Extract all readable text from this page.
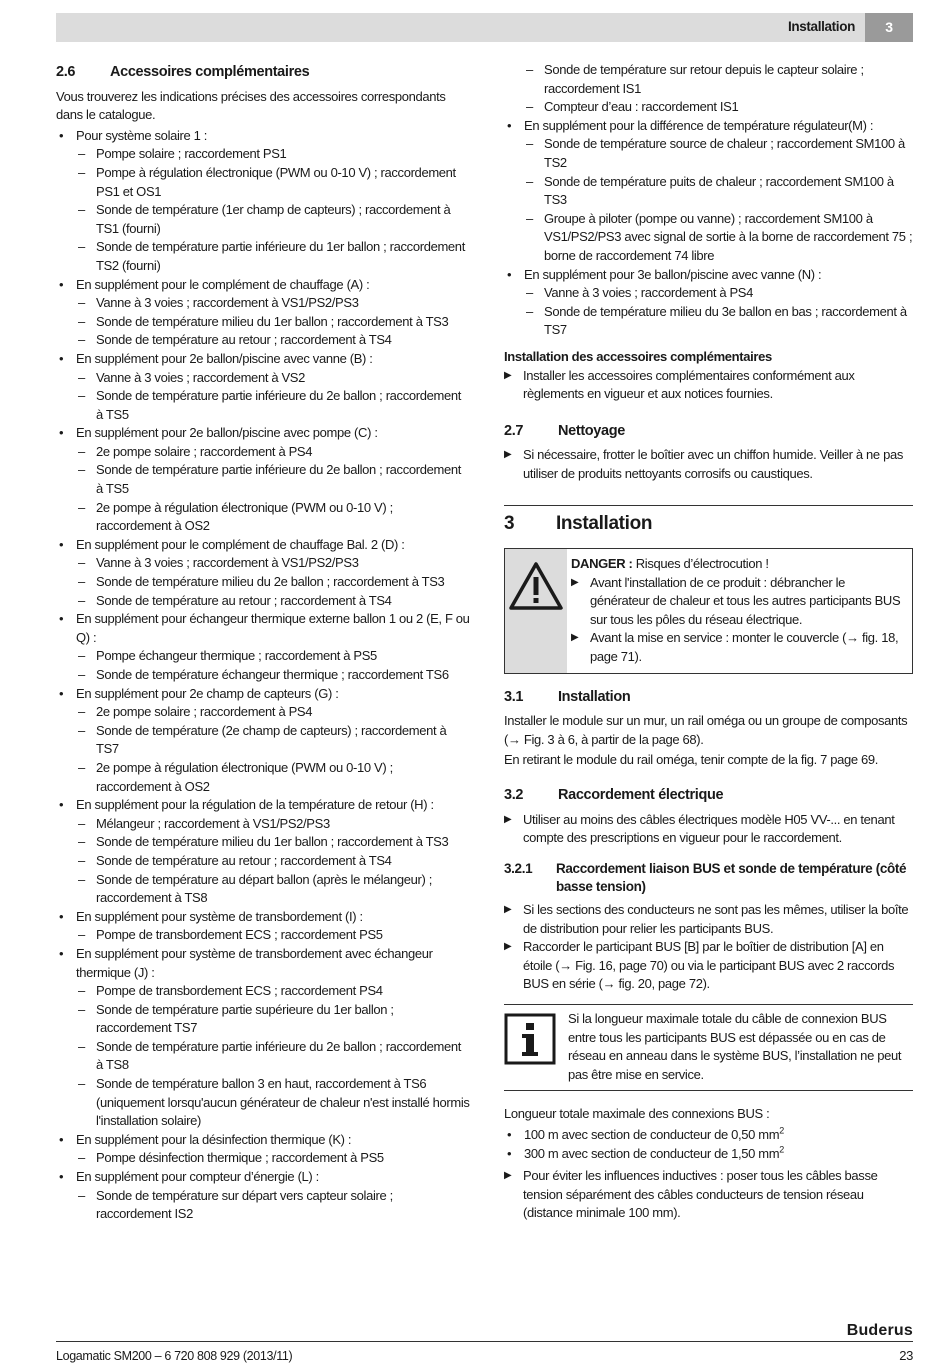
Installation	3
2.6	Accessoires complémentaires
Vous trouverez les indications précises des accessoires correspondants dans le catalogue.
• Pour système solaire 1 :
– Pompe solaire ; raccordement PS1
– Pompe à régulation électronique (PWM ou 0-10 V) ; raccordement PS1 et OS1
– Sonde de température (1er champ de capteurs) ; raccordement à TS1 (fourni)
– Sonde de température partie inférieure du 1er ballon ; raccordement TS2 (fourni)
• En supplément pour le complément de chauffage (A) :
– Vanne à 3 voies ; raccordement à VS1/PS2/PS3
– Sonde de température milieu du 1er ballon ; raccordement à TS3
– Sonde de température au retour ; raccordement à TS4
• En supplément pour 2e ballon/piscine avec vanne (B) :
– Vanne à 3 voies ; raccordement à VS2
– Sonde de température partie inférieure du 2e ballon ; raccordement à TS5
• En supplément pour 2e ballon/piscine avec pompe (C) :
– 2e pompe solaire ; raccordement à PS4
– Sonde de température partie inférieure du 2e ballon ; raccordement à TS5
– 2e pompe à régulation électronique (PWM ou 0-10 V) ; raccordement à OS2
• En supplément pour le complément de chauffage Bal. 2 (D) :
– Vanne à 3 voies ; raccordement à VS1/PS2/PS3
– Sonde de température milieu du 2e ballon ; raccordement à TS3
– Sonde de température au retour ; raccordement à TS4
• En supplément pour échangeur thermique externe ballon 1 ou 2 (E, F ou Q) :
– Pompe échangeur thermique ; raccordement à PS5
– Sonde de température échangeur thermique ; raccordement TS6
• En supplément pour 2e champ de capteurs (G) :
– 2e pompe solaire ; raccordement à PS4
– Sonde de température (2e champ de capteurs) ; raccordement à TS7
– 2e pompe à régulation électronique (PWM ou 0-10 V) ; raccordement à OS2
• En supplément pour la régulation de la température de retour (H) :
– Mélangeur ; raccordement à VS1/PS2/PS3
– Sonde de température milieu du 1er ballon ; raccordement à TS3
– Sonde de température au retour ; raccordement à TS4
– Sonde de température au départ ballon (après le mélangeur) ; raccordement à TS8
• En supplément pour système de transbordement (I) :
– Pompe de transbordement ECS ; raccordement PS5
• En supplément pour système de transbordement avec échangeur thermique (J) :
– Pompe de transbordement ECS ; raccordement PS4
– Sonde de température partie supérieure du 1er ballon ; raccordement TS7
– Sonde de température partie inférieure du 2e ballon ; raccordement à TS8
– Sonde de température ballon 3 en haut, raccordement à TS6 (uniquement lorsqu'aucun générateur de chaleur n'est installé hormis l'installation solaire)
• En supplément pour la désinfection thermique (K) :
– Pompe désinfection thermique ; raccordement à PS5
• En supplément pour compteur d’énergie (L) :
– Sonde de température sur départ vers capteur solaire ; raccordement IS2
– Sonde de température sur retour depuis le capteur solaire ; raccordement IS1
– Compteur d’eau : raccordement IS1
• En supplément pour la différence de température régulateur(M) :
– Sonde de température source de chaleur ; raccordement SM100 à TS2
– Sonde de température puits de chaleur ; raccordement SM100 à TS3
– Groupe à piloter (pompe ou vanne) ; raccordement SM100 à VS1/PS2/PS3 avec signal de sortie à la borne de raccordement 75 ; borne de raccordement 74 libre
• En supplément pour 3e ballon/piscine avec vanne (N) :
– Vanne à 3 voies ; raccordement à PS4
– Sonde de température milieu du 3e ballon en bas ; raccordement à TS7
Installation des accessoires complémentaires
▶ Installer les accessoires complémentaires conformément aux règlements en vigueur et aux notices fournies.
2.7	Nettoyage
▶ Si nécessaire, frotter le boîtier avec un chiffon humide. Veiller à ne pas utiliser de produits nettoyants corrosifs ou caustiques.
3	Installation
DANGER : Risques d’électrocution !
▶ Avant l'installation de ce produit : débrancher le générateur de chaleur et tous les autres participants BUS sur tous les pôles du réseau électrique.
▶ Avant la mise en service : monter le couvercle (→ fig. 18, page 71).
3.1	Installation
Installer le module sur un mur, un rail oméga ou un groupe de composants (→ Fig. 3 à 6, à partir de la page 68).
En retirant le module du rail oméga, tenir compte de la fig. 7 page 69.
3.2	Raccordement électrique
▶ Utiliser au moins des câbles électriques modèle H05 VV-... en tenant compte des prescriptions en vigueur pour le raccordement.
3.2.1	Raccordement liaison BUS et sonde de température (côté basse tension)
▶ Si les sections des conducteurs ne sont pas les mêmes, utiliser la boîte de distribution pour relier les participants BUS.
▶ Raccorder le participant BUS [B] par le boîtier de distribution [A] en étoile (→ Fig. 16, page 70) ou via le participant BUS avec 2 raccords BUS en série (→ fig. 20, page 72).
Si la longueur maximale totale du câble de connexion BUS entre tous les participants BUS est dépassée ou en cas de réseau en anneau dans le système BUS, l’installation ne peut pas être mise en service.
Longueur totale maximale des connexions BUS :
• 100 m avec section de conducteur de 0,50 $mm^2$
• 300 m avec section de conducteur de 1,50 $mm^2$
▶ Pour éviter les influences inductives : poser tous les câbles basse tension séparément des câbles conducteurs de tension réseau (distance minimale 100 mm).
Buderus
Logamatic SM200 – 6 720 808 929 (2013/11)	23
